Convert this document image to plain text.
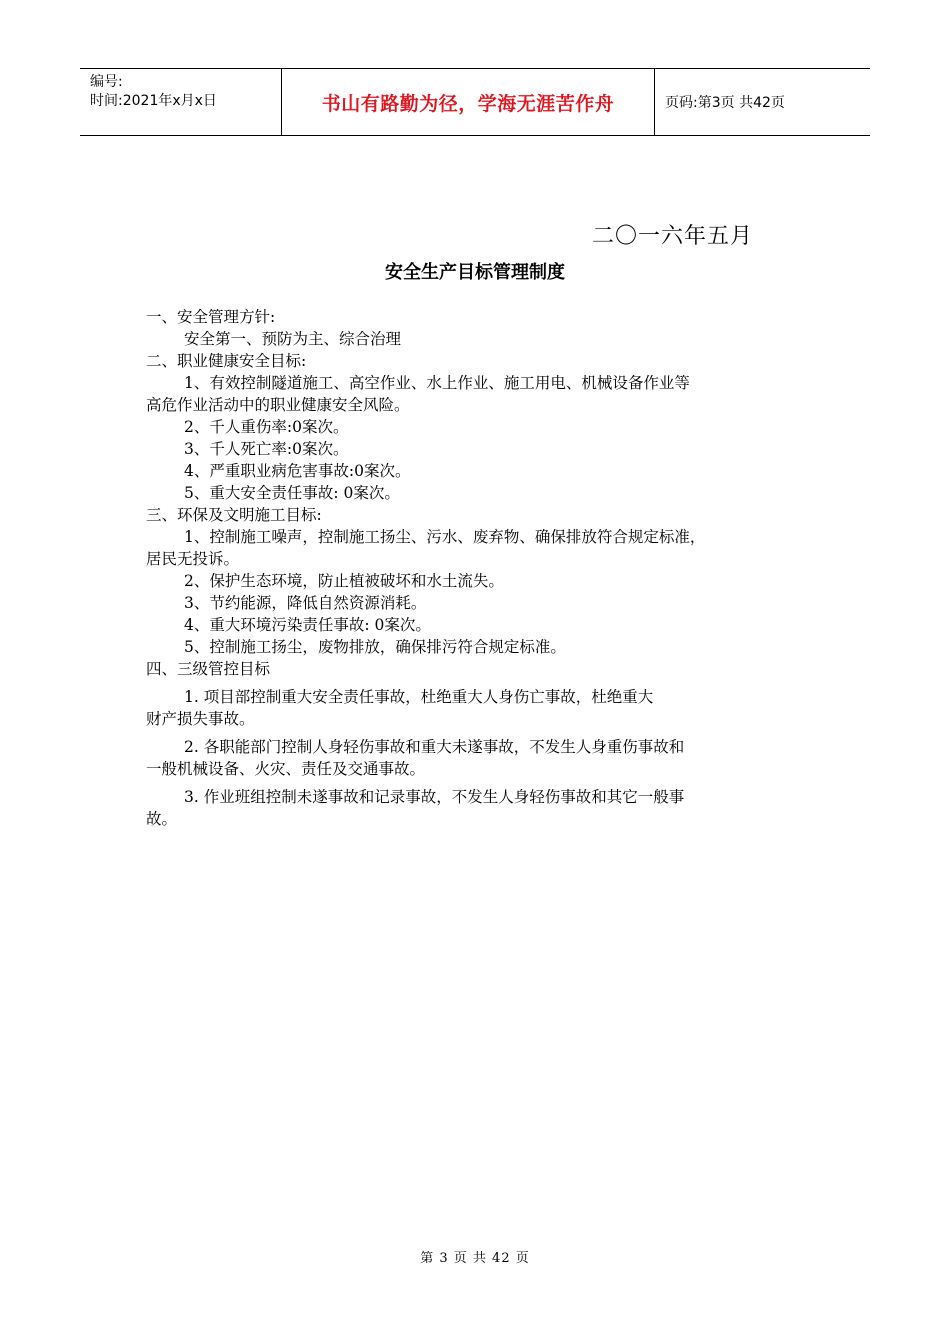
编号:
时间:2021年x月x日	书山有路勤为径，学海无涯苦作舟	页码:第3页 共42页
二〇一六年五月
安全生产目标管理制度
一、安全管理方针:
安全第一、预防为主、综合治理
二、职业健康安全目标:
1、有效控制隧道施工、高空作业、水上作业、施工用电、机械设备作业等
高危作业活动中的职业健康安全风险。
2、千人重伤率:0案次。
3、千人死亡率:0案次。
4、严重职业病危害事故:0案次。
5、重大安全责任事故: 0案次。
三、环保及文明施工目标:
1、控制施工噪声，控制施工扬尘、污水、废弃物、确保排放符合规定标准，
居民无投诉。
2、保护生态环境，防止植被破坏和水土流失。
3、节约能源，降低自然资源消耗。
4、重大环境污染责任事故: 0案次。
5、控制施工扬尘，废物排放，确保排污符合规定标准。
四、三级管控目标
1. 项目部控制重大安全责任事故，杜绝重大人身伤亡事故，杜绝重大
财产损失事故。
2. 各职能部门控制人身轻伤事故和重大未遂事故，不发生人身重伤事故和
一般机械设备、火灾、责任及交通事故。
3. 作业班组控制未遂事故和记录事故，不发生人身轻伤事故和其它一般事
故。
第 3 页 共 42 页
